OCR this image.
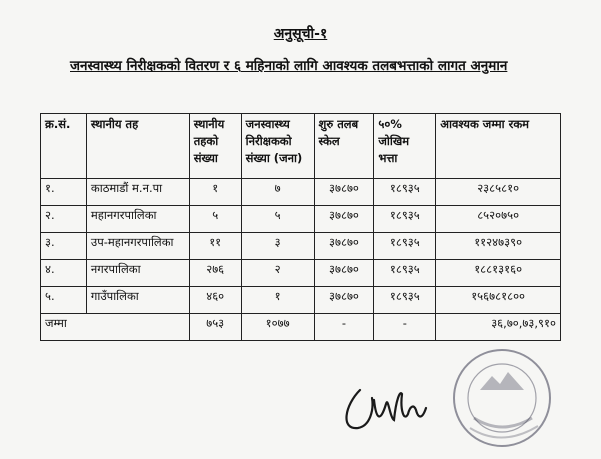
अनुसूची-१
जनस्वास्थ्य निरीक्षकको वितरण र ६ महिनाको लागि आवश्यक तलबभत्ताको लागत अनुमान
क्र.सं.	स्थानीय तह	स्थानीय तहको संख्या	जनस्वास्थ्य निरीक्षकको संख्या (जना)	शुरु तलब स्केल	५०% जोखिम भत्ता	आवश्यक जम्मा रकम
१.	काठमाडौं म.न.पा	१	७	३७८७०	१८९३५	२३८५८१०
२.	महानगरपालिका	५	५	३७८७०	१८९३५	८५२०७५०
३.	उप-महानगरपालिका	११	३	३७८७०	१८९३५	११२४७३९०
४.	नगरपालिका	२७६	२	३७८७०	१८९३५	१८८१३१६०
५.	गाउँपालिका	४६०	१	३७८७०	१८९३५	१५६७८१८००
जम्मा		७५३	१०७७	-	-	३६,७०,७३,९१०
